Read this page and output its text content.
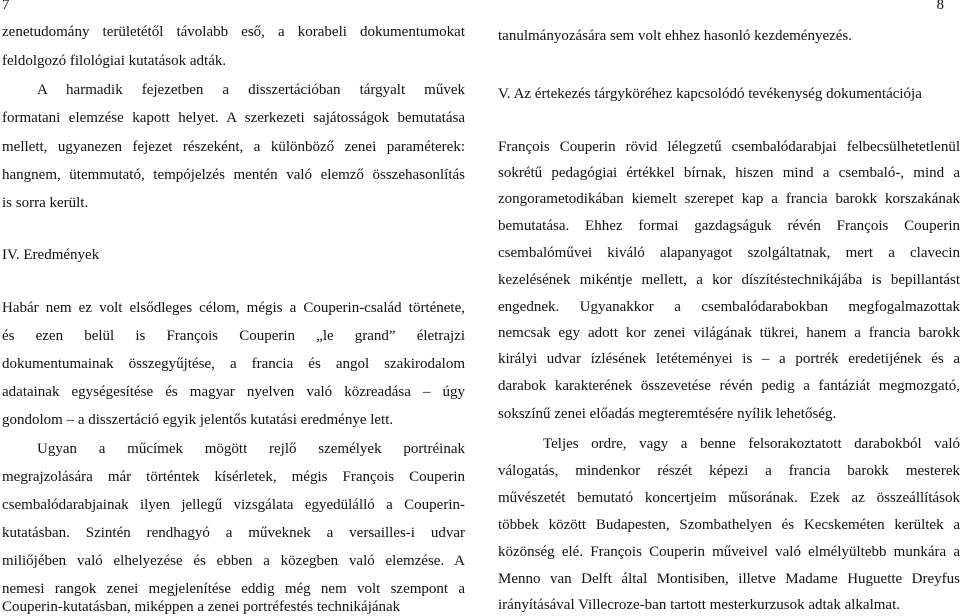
7
zenetudomány területétől távolabb eső, a korabeli dokumentumokat
feldolgozó filológiai kutatások adták.
A harmadik fejezetben a disszertációban tárgyalt művek
formatani elemzése kapott helyet. A szerkezeti sajátosságok bemutatása
mellett, ugyanezen fejezet részeként, a különböző zenei paraméterek:
hangnem, ütemmutató, tempójelzés mentén való elemző összehasonlítás
is sorra került.
IV. Eredmények
Habár nem ez volt elsődleges célom, mégis a Couperin-család története,
és ezen belül is François Couperin „le grand” életrajzi
dokumentumainak összegyűjtése, a francia és angol szakirodalom
adatainak egységesítése és magyar nyelven való közreadása – úgy
gondolom – a disszertáció egyik jelentős kutatási eredménye lett.
Ugyan a műcímek mögött rejlő személyek portréinak
megrajzolására már történtek kísérletek, mégis François Couperin
csembalódarabjainak ilyen jellegű vizsgálata egyedülálló a Couperin-
kutatásban. Szintén rendhagyó a műveknek a versailles-i udvar
miliőjében való elhelyezése és ebben a közegben való elemzése. A
nemesi rangok zenei megjelenítése eddig még nem volt szempont a
Couperin-kutatásban, miképpen a zenei portréfestés technikájának
8
tanulmányozására sem volt ehhez hasonló kezdeményezés.
V. Az értekezés tárgyköréhez kapcsolódó tevékenység dokumentációja
François Couperin rövid lélegzetű csembalódarabjai felbecsülhetetlenül
sokrétű pedagógiai értékkel bírnak, hiszen mind a csembaló-, mind a
zongorametodikában kiemelt szerepet kap a francia barokk korszakának
bemutatása. Ehhez formai gazdagságuk révén François Couperin
csembalóművei kiváló alapanyagot szolgáltatnak, mert a clavecin
kezelésének mikéntje mellett, a kor díszítéstechnikájába is bepillantást
engednek. Ugyanakkor a csembalódarabokban megfogalmazottak
nemcsak egy adott kor zenei világának tükrei, hanem a francia barokk
királyi udvar ízlésének letéteményei is – a portrék eredetijének és a
darabok karakterének összevetése révén pedig a fantáziát megmozgató,
sokszínű zenei előadás megteremtésére nyílik lehetőség.
Teljes ordre, vagy a benne felsorakoztatott darabokból való
válogatás, mindenkor részét képezi a francia barokk mesterek
művészetét bemutató koncertjeim műsorának. Ezek az összeállítások
többek között Budapesten, Szombathelyen és Kecskeméten kerültek a
közönség elé. François Couperin műveivel való elmélyültebb munkára a
Menno van Delft által Montisiben, illetve Madame Huguette Dreyfus
irányításával Villecroze-ban tartott mesterkurzusok adtak alkalmat.
